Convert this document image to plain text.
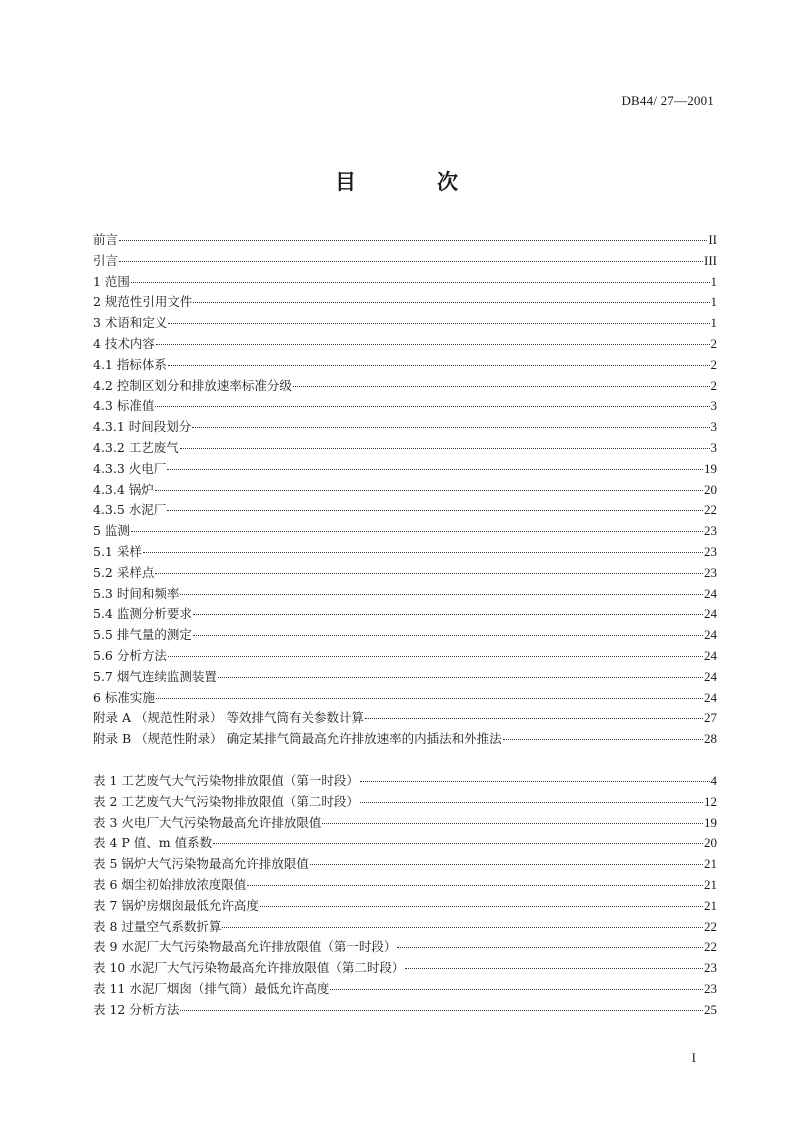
DB44/ 27—2001
目　次
前言	II
引言	III
1 范围	1
2 规范性引用文件	1
3 术语和定义	1
4 技术内容	2
4.1 指标体系	2
4.2 控制区划分和排放速率标准分级	2
4.3 标准值	3
4.3.1 时间段划分	3
4.3.2 工艺废气	3
4.3.3 火电厂	19
4.3.4 锅炉	20
4.3.5 水泥厂	22
5 监测	23
5.1 采样	23
5.2 采样点	23
5.3 时间和频率	24
5.4 监测分析要求	24
5.5 排气量的测定	24
5.6 分析方法	24
5.7 烟气连续监测装置	24
6 标准实施	24
附录 A （规范性附录） 等效排气筒有关参数计算	27
附录 B （规范性附录） 确定某排气筒最高允许排放速率的内插法和外推法	28
表 1 工艺废气大气污染物排放限值（第一时段）	4
表 2 工艺废气大气污染物排放限值（第二时段）	12
表 3 火电厂大气污染物最高允许排放限值	19
表 4 P 值、m 值系数	20
表 5 锅炉大气污染物最高允许排放限值	21
表 6 烟尘初始排放浓度限值	21
表 7 锅炉房烟囱最低允许高度	21
表 8 过量空气系数折算	22
表 9 水泥厂大气污染物最高允许排放限值（第一时段）	22
表 10 水泥厂大气污染物最高允许排放限值（第二时段）	23
表 11 水泥厂烟囱（排气筒）最低允许高度	23
表 12 分析方法	25
I
